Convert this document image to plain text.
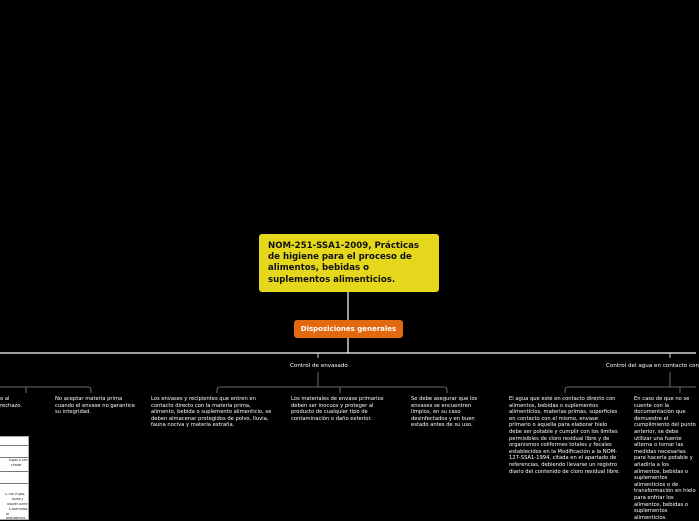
NOM-251-SSA1-2009, Prácticas de higiene para el proceso de alimentos, bebidas o suplementos alimenticios.
Disposiciones generales
Control de envasado	Control del agua en contacto con
o al
rechazo.
No aceptar materia prima cuando el envase no garantice su integridad.
Los envases y recipientes que entren en contacto directo con la materia prima, alimento, bebida o suplemento alimenticio, se deben almacenar protegidos de polvo, lluvia, fauna nociva y materia extraña.
Los materiales de envase primarios deben ser inocuos y proteger al producto de cualquier tipo de contaminación o daño exterior.
Se debe asegurar que los envases se encuentren limpios, en su caso desinfectados y en buen estado antes de su uso.
El agua que esté en contacto directo con alimentos, bebidas o suplementos alimenticios, materias primas, superficies en contacto con el mismo, envase primario o aquella para elaborar hielo debe ser potable y cumplir con los límites permisibles de cloro residual libre y de organismos coliformes totales y fecales establecidos en la Modificación a la NOM-127-SSA1-1994, citada en el apartado de referencias, debiendo llevarse un registro diario del contenido de cloro residual libre.
En caso de que no se cuente con la documentación que demuestre el cumplimiento del punto anterior, se debe utilizar una fuente alterna o tomar las medidas necesarias para hacerla potable y añadirla a los alimentos, bebidas o suplementos alimenticios o de transformación en hielo para enfriar los alimentos, bebidas o suplementos alimenticios.
fugas o cae
chazar
s, con fugas,
tozos y
alquier parte
s aserradas
ar protuberanc
